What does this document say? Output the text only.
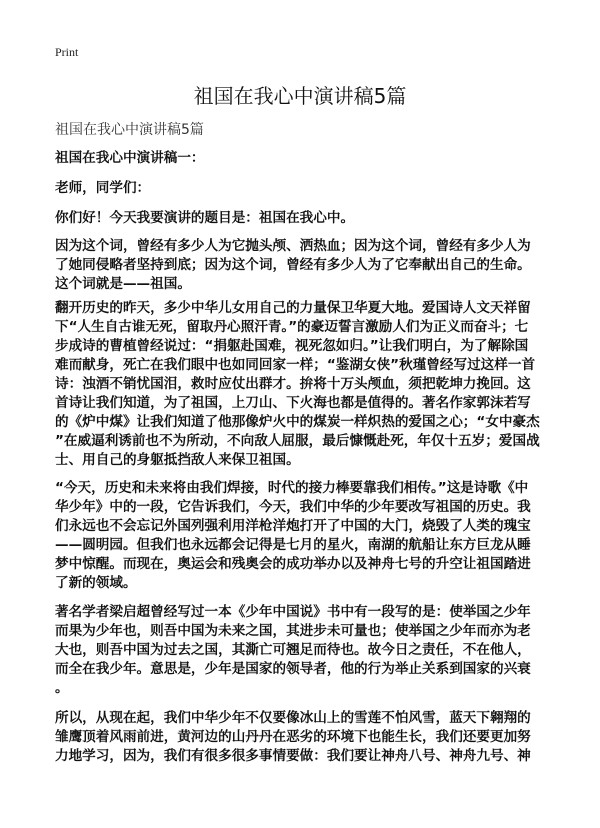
Print
祖国在我心中演讲稿5篇
祖国在我心中演讲稿5篇
祖国在我心中演讲稿一：
老师，同学们：
你们好！今天我要演讲的题目是：祖国在我心中。
因为这个词，曾经有多少人为它抛头颅、洒热血；因为这个词，曾经有多少人为
了她同侵略者坚持到底；因为这个词，曾经有多少人为了它奉献出自己的生命。
这个词就是——祖国。
翻开历史的昨天，多少中华儿女用自己的力量保卫华夏大地。爱国诗人文天祥留
下“人生自古谁无死，留取丹心照汗青。”的豪迈誓言激励人们为正义而奋斗；七
步成诗的曹植曾经说过：“捐躯赴国难，视死忽如归。”让我们明白，为了解除国
难而献身，死亡在我们眼中也如同回家一样；“鉴湖女侠”秋瑾曾经写过这样一首
诗：浊酒不销忧国泪，救时应仗出群才。拚将十万头颅血，须把乾坤力挽回。这
首诗让我们知道，为了祖国，上刀山、下火海也都是值得的。著名作家郭沫若写
的《炉中煤》让我们知道了他那像炉火中的煤炭一样炽热的爱国之心；“女中豪杰
”在威逼利诱前也不为所动，不向敌人屈服，最后慷慨赴死，年仅十五岁；爱国战
士、用自己的身躯抵挡敌人来保卫祖国。
“今天，历史和未来将由我们焊接，时代的接力棒要靠我们相传。”这是诗歌《中
华少年》中的一段，它告诉我们，今天，我们中华的少年要改写祖国的历史。我
们永远也不会忘记外国列强利用洋枪洋炮打开了中国的大门，烧毁了人类的瑰宝
——圆明园。但我们也永远都会记得是七月的星火，南湖的航船让东方巨龙从睡
梦中惊醒。而现在，奥运会和残奥会的成功举办以及神舟七号的升空让祖国踏进
了新的领域。
著名学者梁启超曾经写过一本《少年中国说》书中有一段写的是：使举国之少年
而果为少年也，则吾中国为未来之国，其进步未可量也；使举国之少年而亦为老
大也，则吾中国为过去之国，其澌亡可翘足而待也。故今日之责任，不在他人，
而全在我少年。意思是，少年是国家的领导者，他的行为举止关系到国家的兴衰
。
所以，从现在起，我们中华少年不仅要像冰山上的雪莲不怕风雪，蓝天下翱翔的
雏鹰顶着风雨前进，黄河边的山丹丹在恶劣的环境下也能生长，我们还要更加努
力地学习，因为，我们有很多很多事情要做：我们要让神舟八号、神舟九号、神
